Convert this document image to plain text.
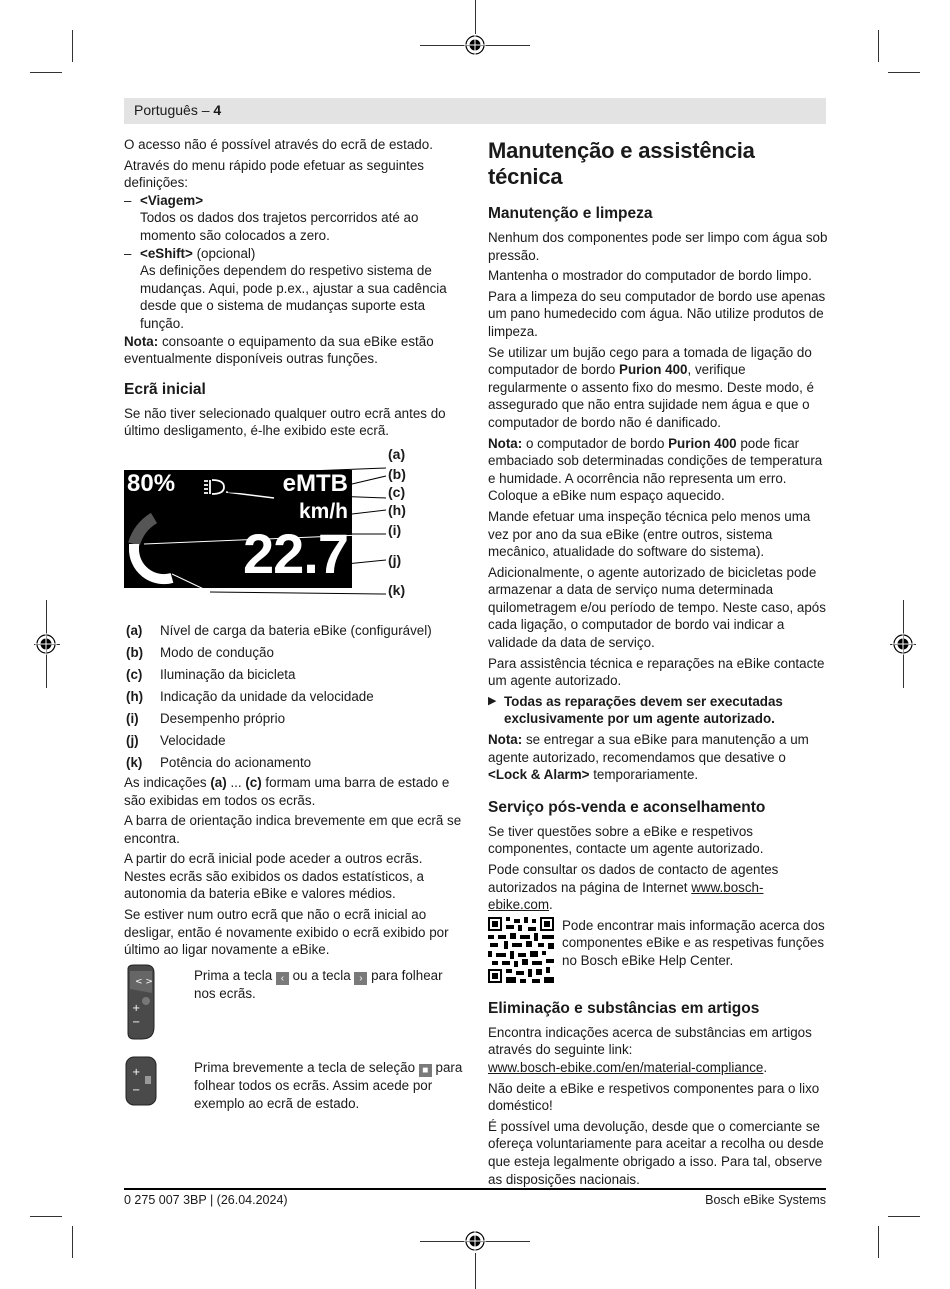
Português – 4

O acesso não é possível através do ecrã de estado.

Através do menu rápido pode efetuar as seguintes definições:

– <Viagem>
Todos os dados dos trajetos percorridos até ao momento são colocados a zero.
– <eShift> (opcional)
As definições dependem do respetivo sistema de mudanças. Aqui, pode p.ex., ajustar a sua cadência desde que o sistema de mudanças suporte esta função.

Nota: consoante o equipamento da sua eBike estão eventualmente disponíveis outras funções.

Ecrã inicial

Se não tiver selecionado qualquer outro ecrã antes do último desligamento, é-lhe exibido este ecrã.

80%	eMTB
km/h
22.7
(a)
(b)
(c)
(h)
(i)
(j)
(k)
(a)	Nível de carga da bateria eBike (configurável)
(b)	Modo de condução
(c)	Iluminação da bicicleta
(h)	Indicação da unidade da velocidade
(i)	Desempenho próprio
(j)	Velocidade
(k)	Potência do acionamento

As indicações (a) ... (c) formam uma barra de estado e são exibidas em todos os ecrãs.

A barra de orientação indica brevemente em que ecrã se encontra.

A partir do ecrã inicial pode aceder a outros ecrãs. Nestes ecrãs são exibidos os dados estatísticos, a autonomia da bateria eBike e valores médios.

Se estiver num outro ecrã que não o ecrã inicial ao desligar, então é novamente exibido o ecrã exibido por último ao ligar novamente a eBike.

< >
+
−

Prima a tecla ‹ ou a tecla › para folhear nos ecrãs.

+
−

Prima brevemente a tecla de seleção ■ para folhear todos os ecrãs. Assim acede por exemplo ao ecrã de estado.

Manutenção e assistência técnica
Manutenção e limpeza

Nenhum dos componentes pode ser limpo com água sob pressão.

Mantenha o mostrador do computador de bordo limpo.

Para a limpeza do seu computador de bordo use apenas um pano humedecido com água. Não utilize produtos de limpeza.

Se utilizar um bujão cego para a tomada de ligação do computador de bordo Purion 400, verifique regularmente o assento fixo do mesmo. Deste modo, é assegurado que não entra sujidade nem água e que o computador de bordo não é danificado.

Nota: o computador de bordo Purion 400 pode ficar embaciado sob determinadas condições de temperatura e humidade. A ocorrência não representa um erro. Coloque a eBike num espaço aquecido.

Mande efetuar uma inspeção técnica pelo menos uma vez por ano da sua eBike (entre outros, sistema mecânico, atualidade do software do sistema).

Adicionalmente, o agente autorizado de bicicletas pode armazenar a data de serviço numa determinada quilometragem e/ou período de tempo. Neste caso, após cada ligação, o computador de bordo vai indicar a validade da data de serviço.

Para assistência técnica e reparações na eBike contacte um agente autorizado.

▶ Todas as reparações devem ser executadas exclusivamente por um agente autorizado.

Nota: se entregar a sua eBike para manutenção a um agente autorizado, recomendamos que desative o <Lock & Alarm> temporariamente.

Serviço pós-venda e aconselhamento

Se tiver questões sobre a eBike e respetivos componentes, contacte um agente autorizado.

Pode consultar os dados de contacto de agentes autorizados na página de Internet www.bosch-ebike.com.

Pode encontrar mais informação acerca dos componentes eBike e as respetivas funções no Bosch eBike Help Center.

Eliminação e substâncias em artigos

Encontra indicações acerca de substâncias em artigos através do seguinte link:

www.bosch-ebike.com/en/material-compliance.

Não deite a eBike e respetivos componentes para o lixo doméstico!

É possível uma devolução, desde que o comerciante se ofereça voluntariamente para aceitar a recolha ou desde que esteja legalmente obrigado a isso. Para tal, observe as disposições nacionais.

0 275 007 3BP | (26.04.2024)	Bosch eBike Systems
